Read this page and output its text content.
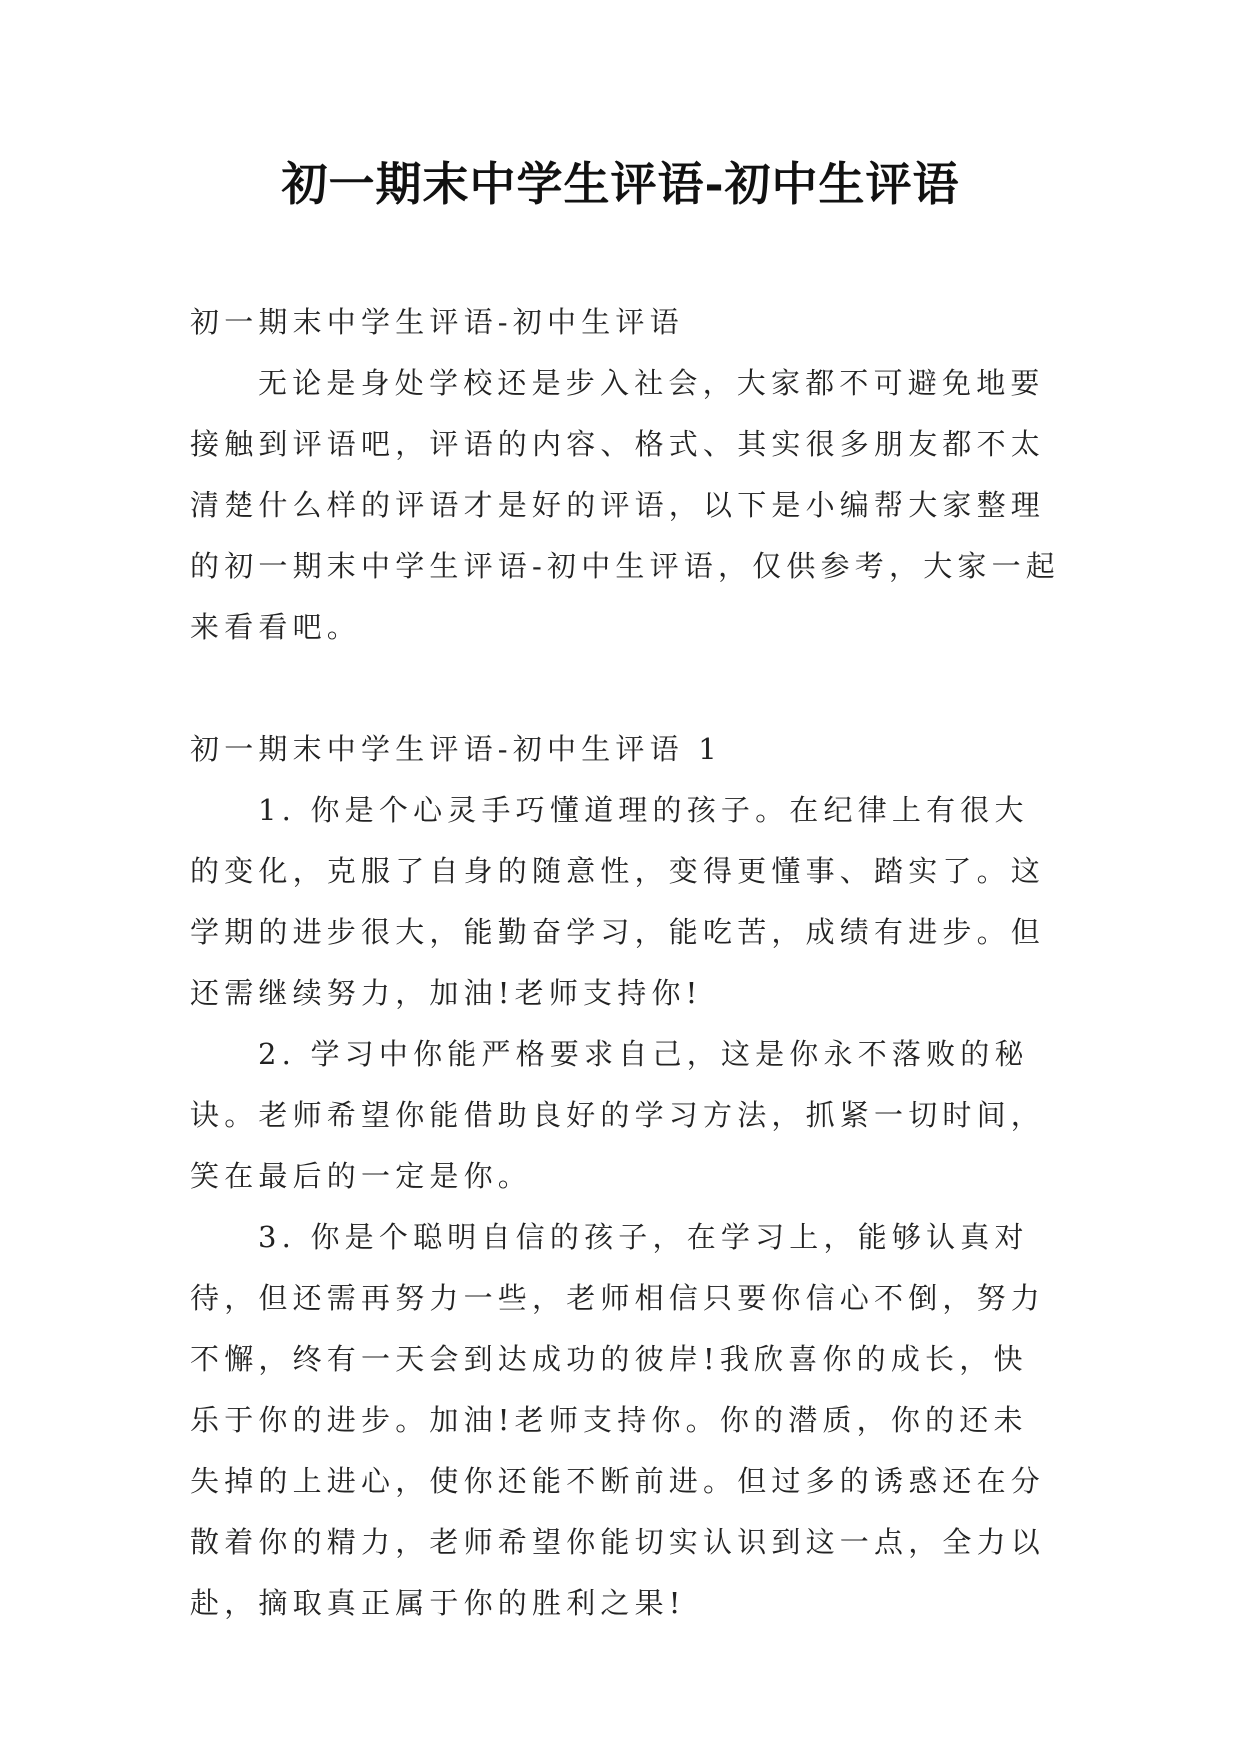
初一期末中学生评语-初中生评语

初一期末中学生评语-初中生评语

无论是身处学校还是步入社会，大家都不可避免地要接触到评语吧，评语的内容、格式、其实很多朋友都不太清楚什么样的评语才是好的评语，以下是小编帮大家整理的初一期末中学生评语-初中生评语，仅供参考，大家一起来看看吧。

初一期末中学生评语-初中生评语 1

1. 你是个心灵手巧懂道理的孩子。在纪律上有很大的变化，克服了自身的随意性，变得更懂事、踏实了。这学期的进步很大，能勤奋学习，能吃苦，成绩有进步。但还需继续努力，加油!老师支持你!

2. 学习中你能严格要求自己，这是你永不落败的秘诀。老师希望你能借助良好的学习方法，抓紧一切时间，笑在最后的一定是你。

3. 你是个聪明自信的孩子，在学习上，能够认真对待，但还需再努力一些，老师相信只要你信心不倒，努力不懈，终有一天会到达成功的彼岸!我欣喜你的成长，快乐于你的进步。加油!老师支持你。你的潜质，你的还未失掉的上进心，使你还能不断前进。但过多的诱惑还在分散着你的精力，老师希望你能切实认识到这一点，全力以赴，摘取真正属于你的胜利之果!
